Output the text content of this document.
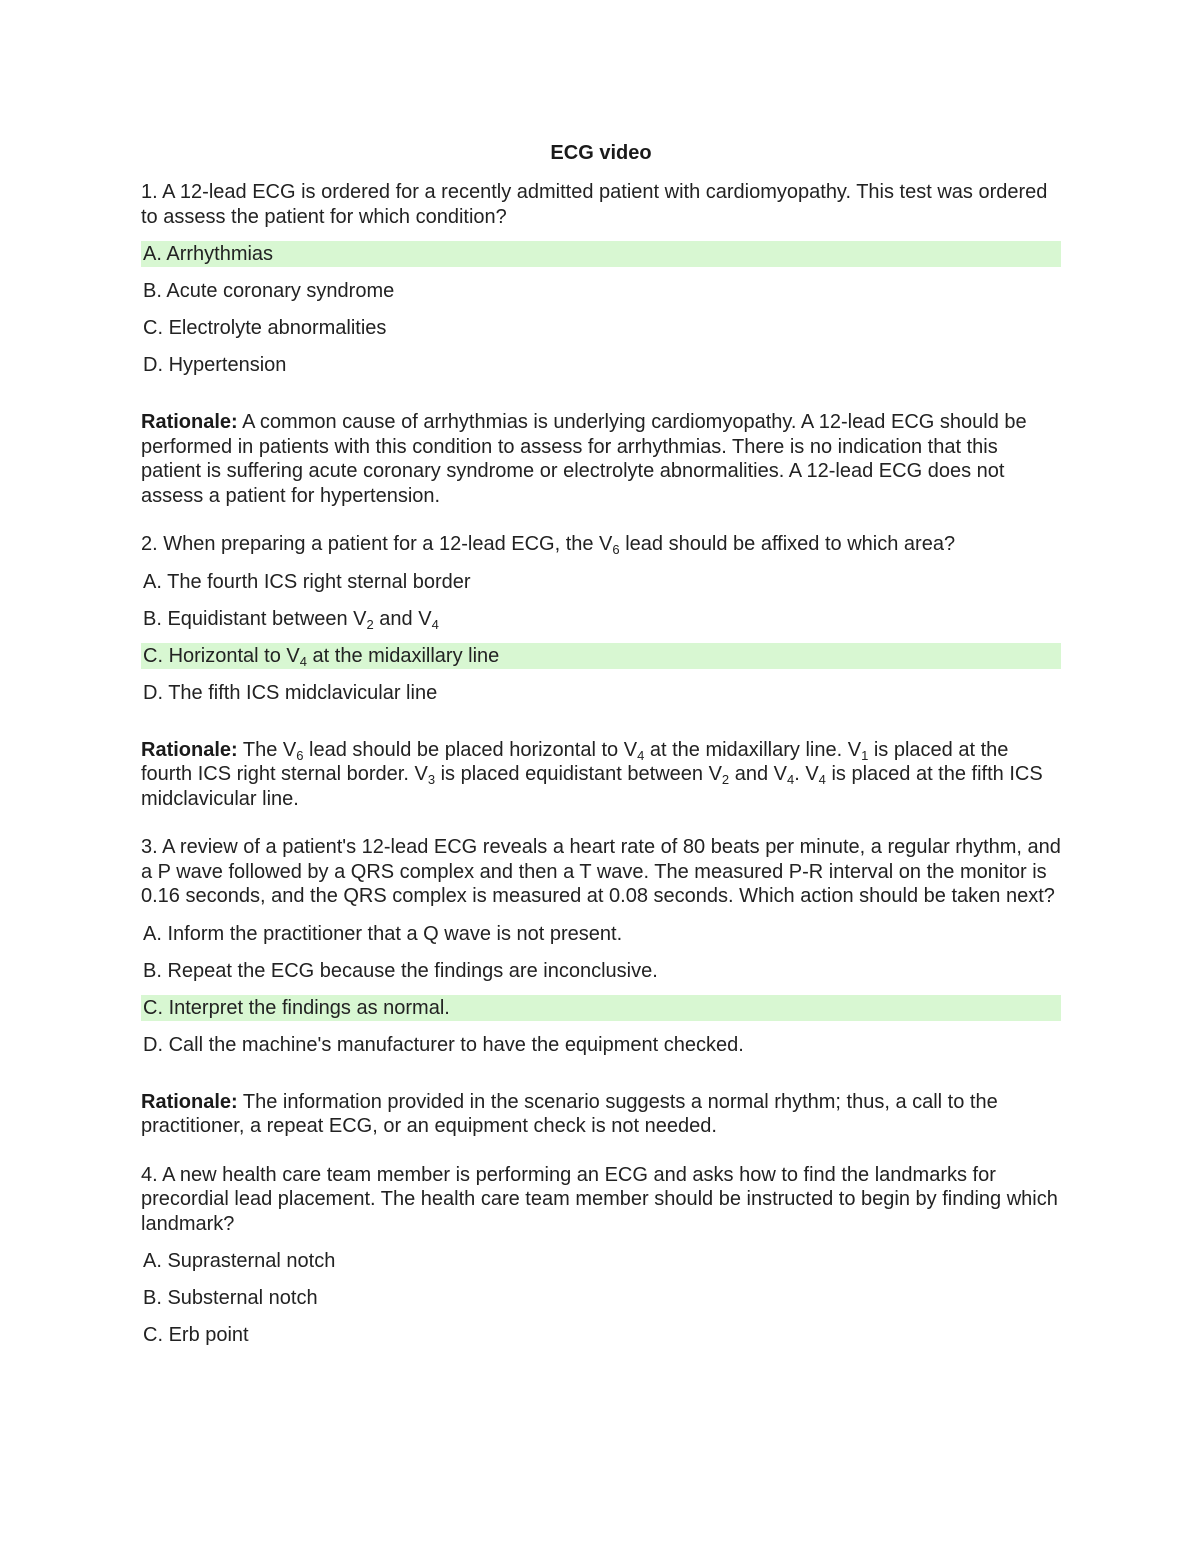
ECG video
1. A 12-lead ECG is ordered for a recently admitted patient with cardiomyopathy. This test was ordered to assess the patient for which condition?
A. Arrhythmias
B. Acute coronary syndrome
C. Electrolyte abnormalities
D. Hypertension
Rationale: A common cause of arrhythmias is underlying cardiomyopathy. A 12-lead ECG should be performed in patients with this condition to assess for arrhythmias. There is no indication that this patient is suffering acute coronary syndrome or electrolyte abnormalities. A 12-lead ECG does not assess a patient for hypertension.
2. When preparing a patient for a 12-lead ECG, the $V_6$ lead should be affixed to which area?
A. The fourth ICS right sternal border
B. Equidistant between $V_2$ and $V_4$
C. Horizontal to $V_4$ at the midaxillary line
D. The fifth ICS midclavicular line
Rationale: The $V_6$ lead should be placed horizontal to $V_4$ at the midaxillary line. $V_1$ is placed at the fourth ICS right sternal border. $V_3$ is placed equidistant between $V_2$ and $V_4$. $V_4$ is placed at the fifth ICS midclavicular line.
3. A review of a patient's 12-lead ECG reveals a heart rate of 80 beats per minute, a regular rhythm, and a P wave followed by a QRS complex and then a T wave. The measured P-R interval on the monitor is 0.16 seconds, and the QRS complex is measured at 0.08 seconds. Which action should be taken next?
A. Inform the practitioner that a Q wave is not present.
B. Repeat the ECG because the findings are inconclusive.
C. Interpret the findings as normal.
D. Call the machine's manufacturer to have the equipment checked.
Rationale: The information provided in the scenario suggests a normal rhythm; thus, a call to the practitioner, a repeat ECG, or an equipment check is not needed.
4. A new health care team member is performing an ECG and asks how to find the landmarks for precordial lead placement. The health care team member should be instructed to begin by finding which landmark?
A. Suprasternal notch
B. Substernal notch
C. Erb point
